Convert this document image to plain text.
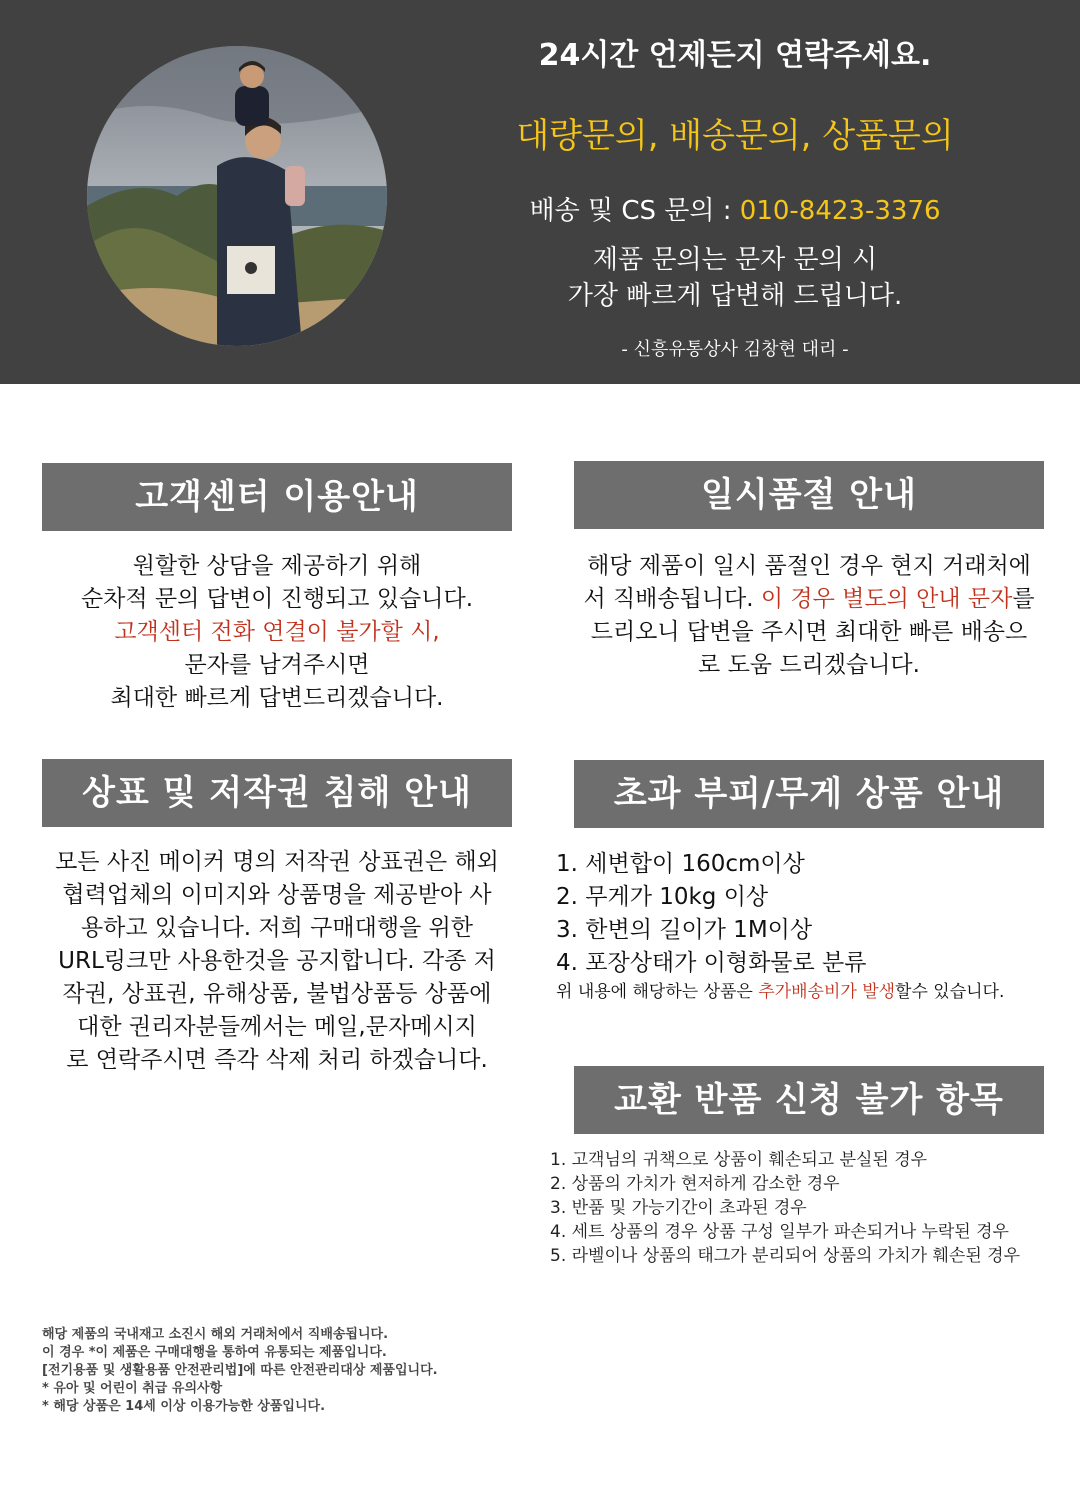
24시간 언제든지 연락주세요.
대량문의, 배송문의, 상품문의
배송 및 CS 문의 : 010-8423-3376
제품 문의는 문자 문의 시
가장 빠르게 답변해 드립니다.
- 신흥유통상사 김창현 대리 -
고객센터 이용안내
원할한 상담을 제공하기 위해
순차적 문의 답변이 진행되고 있습니다.
고객센터 전화 연결이 불가할 시,
문자를 남겨주시면
최대한 빠르게 답변드리겠습니다.
일시품절 안내
해당 제품이 일시 품절인 경우 현지 거래처에
서 직배송됩니다. 이 경우 별도의 안내 문자를
드리오니 답변을 주시면 최대한 빠른 배송으
로 도움 드리겠습니다.
상표 및 저작권 침해 안내
모든 사진 메이커 명의 저작권 상표권은 해외
협력업체의 이미지와 상품명을 제공받아 사
용하고 있습니다. 저희 구매대행을 위한
URL링크만 사용한것을 공지합니다. 각종 저
작권, 상표권, 유해상품, 불법상품등 상품에
대한 권리자분들께서는 메일,문자메시지
로 연락주시면 즉각 삭제 처리 하겠습니다.
초과 부피/무게 상품 안내
1. 세변합이 160cm이상
2. 무게가 10kg 이상
3. 한변의 길이가 1M이상
4. 포장상태가 이형화물로 분류
위 내용에 해당하는 상품은 추가배송비가 발생할수 있습니다.
교환 반품 신청 불가 항목
1. 고객님의 귀책으로 상품이 훼손되고 분실된 경우
2. 상품의 가치가 현저하게 감소한 경우
3. 반품 및 가능기간이 초과된 경우
4. 세트 상품의 경우 상품 구성 일부가 파손되거나 누락된 경우
5. 라벨이나 상품의 태그가 분리되어 상품의 가치가 훼손된 경우
해당 제품의 국내재고 소진시 해외 거래처에서 직배송됩니다.
이 경우 *이 제품은 구매대행을 통하여 유통되는 제품입니다.
[전기용품 및 생활용품 안전관리법]에 따른 안전관리대상 제품입니다.
* 유아 및 어린이 취급 유의사항
* 해당 상품은 14세 이상 이용가능한 상품입니다.
